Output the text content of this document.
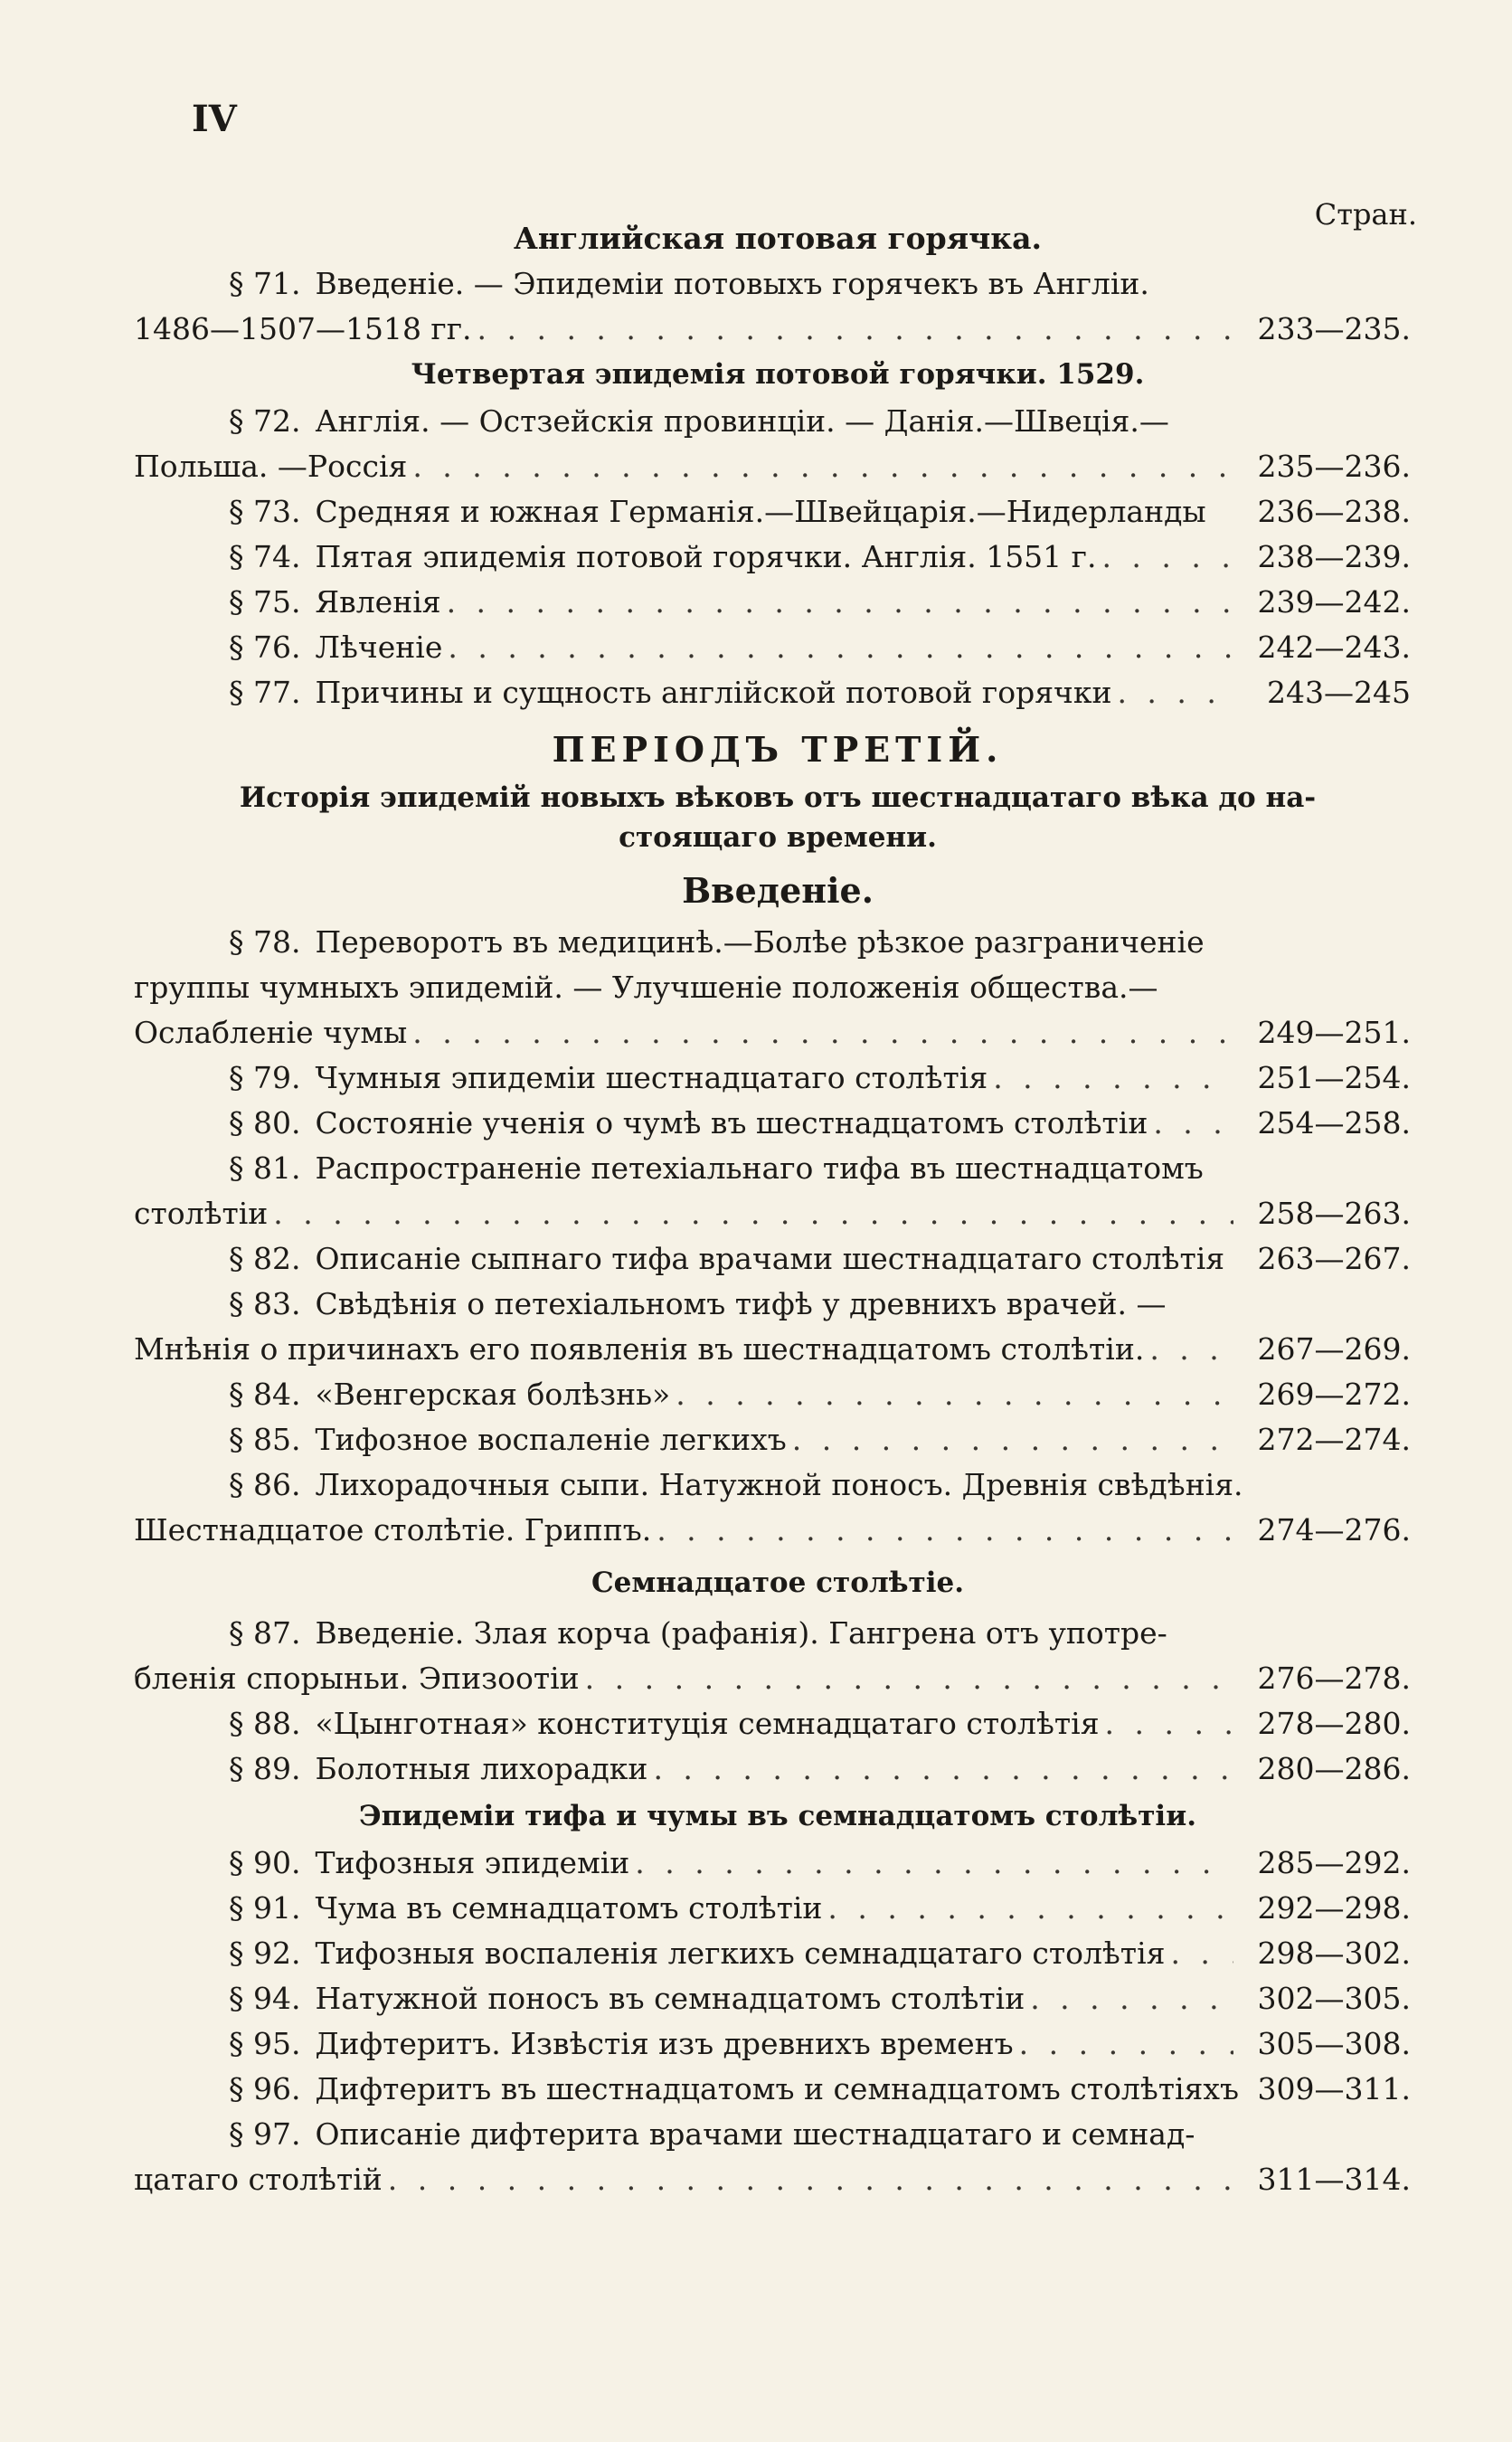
IV
Стран.
Английская потовая горячка.
§ 71. Введеніе. — Эпидеміи потовыхъ горячекъ въ Англіи.
1486—1507—1518 гг. . . .	233—235.
Четвертая эпидемія потовой горячки. 1529.
§ 72. Англія. — Остзейскія провинціи. — Данія.—Швеція.—
Польша. —Россія . . .	235—236.
§ 73. Средняя и южная Германія.—Швейцарія.—Нидерланды	236—238.
§ 74. Пятая эпидемія потовой горячки. Англія. 1551 г. . . .	238—239.
§ 75. Явленія . . .	239—242.
§ 76. Лѣченіе . . .	242—243.
§ 77. Причины и сущность англійской потовой горячки . . .	243—245
ПЕРІОДЪ ТРЕТІЙ.
Исторія эпидемій новыхъ вѣковъ отъ шестнадцатаго вѣка до на-
стоящаго времени.
Введеніе.
§ 78. Переворотъ въ медицинѣ.—Болѣе рѣзкое разграниченіе
группы чумныхъ эпидемій. — Улучшеніе положенія общества.—
Ослабленіе чумы . . .	249—251.
§ 79. Чумныя эпидеміи шестнадцатаго столѣтія . . .	251—254.
§ 80. Состояніе ученія о чумѣ въ шестнадцатомъ столѣтіи . . .	254—258.
§ 81. Распространеніе петехіальнаго тифа въ шестнадцатомъ
столѣтіи . . .	258—263.
§ 82. Описаніе сыпнаго тифа врачами шестнадцатаго столѣтія	263—267.
§ 83. Свѣдѣнія о петехіальномъ тифѣ у древнихъ врачей. —
Мнѣнія о причинахъ его появленія въ шестнадцатомъ столѣтіи. . . .	267—269.
§ 84. «Венгерская болѣзнь» . . .	269—272.
§ 85. Тифозное воспаленіе легкихъ . . .	272—274.
§ 86. Лихорадочныя сыпи. Натужной поносъ. Древнія свѣдѣнія.
Шестнадцатое столѣтіе. Гриппъ. . . .	274—276.
Семнадцатое столѣтіе.
§ 87. Введеніе. Злая корча (рафанія). Гангрена отъ употре-
бленія спорыньи. Эпизоотіи . . .	276—278.
§ 88. «Цынготная» конституція семнадцатаго столѣтія . . .	278—280.
§ 89. Болотныя лихорадки . . .	280—286.
Эпидеміи тифа и чумы въ семнадцатомъ столѣтіи.
§ 90. Тифозныя эпидеміи . . .	285—292.
§ 91. Чума въ семнадцатомъ столѣтіи . . .	292—298.
§ 92. Тифозныя воспаленія легкихъ семнадцатаго столѣтія . . .	298—302.
§ 94. Натужной поносъ въ семнадцатомъ столѣтіи . . .	302—305.
§ 95. Дифтеритъ. Извѣстія изъ древнихъ временъ . . .	305—308.
§ 96. Дифтеритъ въ шестнадцатомъ и семнадцатомъ столѣтіяхъ 309—311.
§ 97. Описаніе дифтерита врачами шестнадцатаго и семнад-
цатаго столѣтій . . .	311—314.
